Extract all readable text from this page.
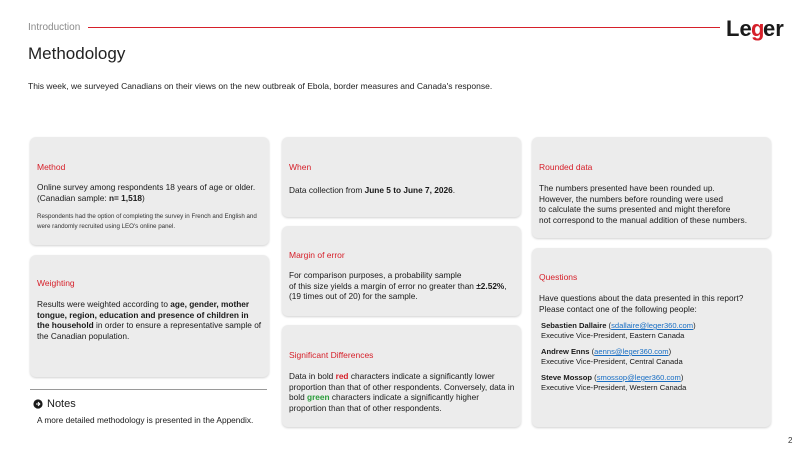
Introduction	Le g
er
Methodology
This week, we surveyed Canadians on their views on the new outbreak of Ebola, border measures and Canada's response.
Method
Online survey among respondents 18 years of age or older.
(Canadian sample: n= 1,518)
Respondents had the option of completing the survey in French and English and
were randomly recruited using LEO's online panel.
Weighting
Results were weighted according to age, gender, mother tongue, region, education and presence of children in the household in order to ensure a representative sample of the Canadian population.
Notes
A more detailed methodology is presented in the Appendix.
When
Data collection from June 5 to June 7, 2026.
Margin of error
For comparison purposes, a probability sample
of this size yields a margin of error no greater than ±2.52%,
(19 times out of 20) for the sample.
Significant Differences
Data in bold red characters indicate a significantly lower proportion than that of other respondents. Conversely, data in bold green characters indicate a significantly higher proportion than that of other respondents.
Rounded data
The numbers presented have been rounded up.
However, the numbers before rounding were used
to calculate the sums presented and might therefore
not correspond to the manual addition of these numbers.
Questions
Have questions about the data presented in this report?
Please contact one of the following people:
Sebastien Dallaire (sdallaire@leger360.com)
Executive Vice-President, Eastern Canada
Andrew Enns (aenns@leger360.com)
Executive Vice-President, Central Canada
Steve Mossop (smossop@leger360.com)
Executive Vice-President, Western Canada
2
